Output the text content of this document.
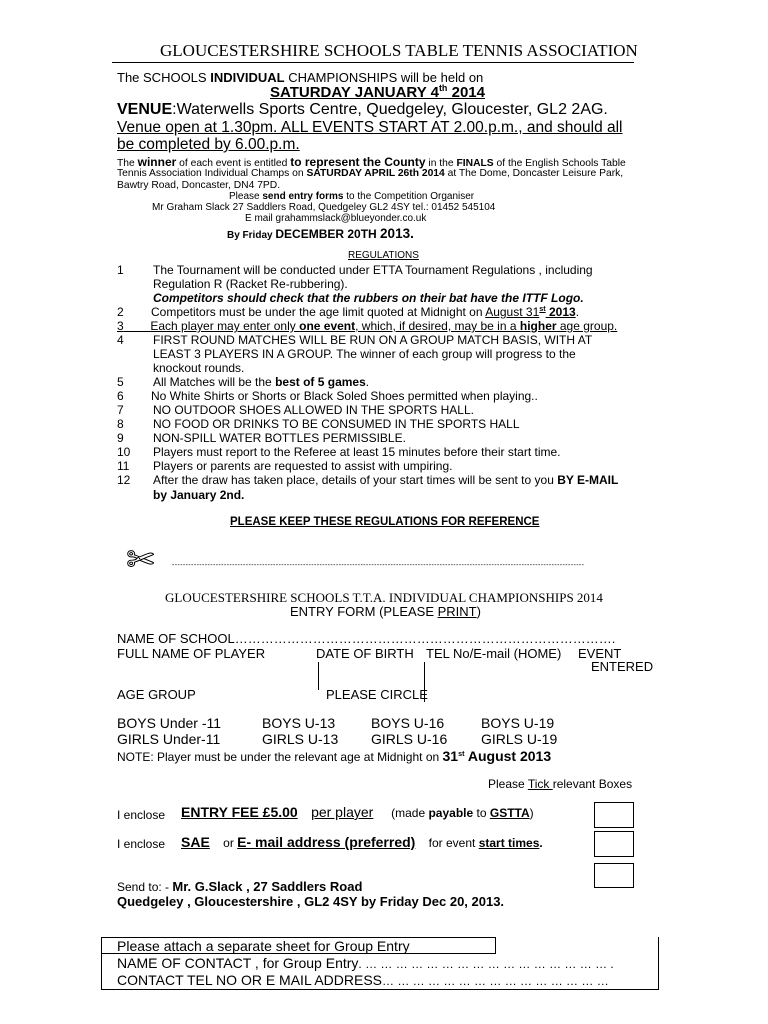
GLOUCESTERSHIRE SCHOOLS TABLE TENNIS ASSOCIATION
The SCHOOLS INDIVIDUAL CHAMPIONSHIPS will be held on
SATURDAY JANUARY 4th 2014
VENUE:Waterwells Sports Centre, Quedgeley, Gloucester, GL2 2AG.
Venue open at 1.30pm. ALL EVENTS START AT 2.00.p.m., and should all
be completed by 6.00.p.m.
The winner of each event is entitled to represent the County in the FINALS of the English Schools Table
Tennis Association Individual Champs on SATURDAY APRIL 26th 2014 at The Dome, Doncaster Leisure Park,
Bawtry Road, Doncaster, DN4 7PD.
Please send entry forms to the Competition Organiser
Mr Graham Slack 27 Saddlers Road, Quedgeley GL2 4SY tel.: 01452 545104
E mail grahammslack@blueyonder.co.uk
By Friday DECEMBER 20TH 2013.
REGULATIONS
1 The Tournament will be conducted under ETTA Tournament Regulations , including
Regulation R (Racket Re-rubbering).
Competitors should check that the rubbers on their bat have the ITTF Logo.
2 Competitors must be under the age limit quoted at Midnight on August 31st 2013.
3 Each player may enter only one event, which, if desired, may be in a higher age group.
4 FIRST ROUND MATCHES WILL BE RUN ON A GROUP MATCH BASIS, WITH AT
LEAST 3 PLAYERS IN A GROUP. The winner of each group will progress to the
knockout rounds.
5 All Matches will be the best of 5 games.
6 No White Shirts or Shorts or Black Soled Shoes permitted when playing..
7 NO OUTDOOR SHOES ALLOWED IN THE SPORTS HALL.
8 NO FOOD OR DRINKS TO BE CONSUMED IN THE SPORTS HALL
9 NON-SPILL WATER BOTTLES PERMISSIBLE.
10 Players must report to the Referee at least 15 minutes before their start time.
11 Players or parents are requested to assist with umpiring.
12 After the draw has taken place, details of your start times will be sent to you BY E-MAIL
by January 2nd.
PLEASE KEEP THESE REGULATIONS FOR REFERENCE
✄	-------------------------------------------------------------------------------------------------------------------------------------------------------
GLOUCESTERSHIRE SCHOOLS T.T.A. INDIVIDUAL CHAMPIONSHIPS 2014
ENTRY FORM (PLEASE PRINT)
NAME OF SCHOOL…………………………………………………………………………….
FULL NAME OF PLAYER	DATE OF BIRTH TEL No/E-mail (HOME) EVENT
ENTERED
AGE GROUP	PLEASE CIRCLE
BOYS Under -11	BOYS U-13	BOYS U-16	BOYS U-19
GIRLS Under-11	GIRLS U-13 GIRLS U-16 GIRLS U-19
NOTE: Player must be under the relevant age at Midnight on 31st August 2013
Please Tick relevant Boxes
I enclose ENTRY FEE £5.00 per player (made payable to GSTTA)
I enclose SAE or E- mail address (preferred) for event start times.
Send to: - Mr. G.Slack , 27 Saddlers Road
Quedgeley , Gloucestershire , GL2 4SY by Friday Dec 20, 2013.
Please attach a separate sheet for Group Entry
NAME OF CONTACT , for Group Entry. … … … … … … … … … … … … … … … … .
CONTACT TEL NO OR E MAIL ADDRESS… … … … … … … … … … … … … … …
